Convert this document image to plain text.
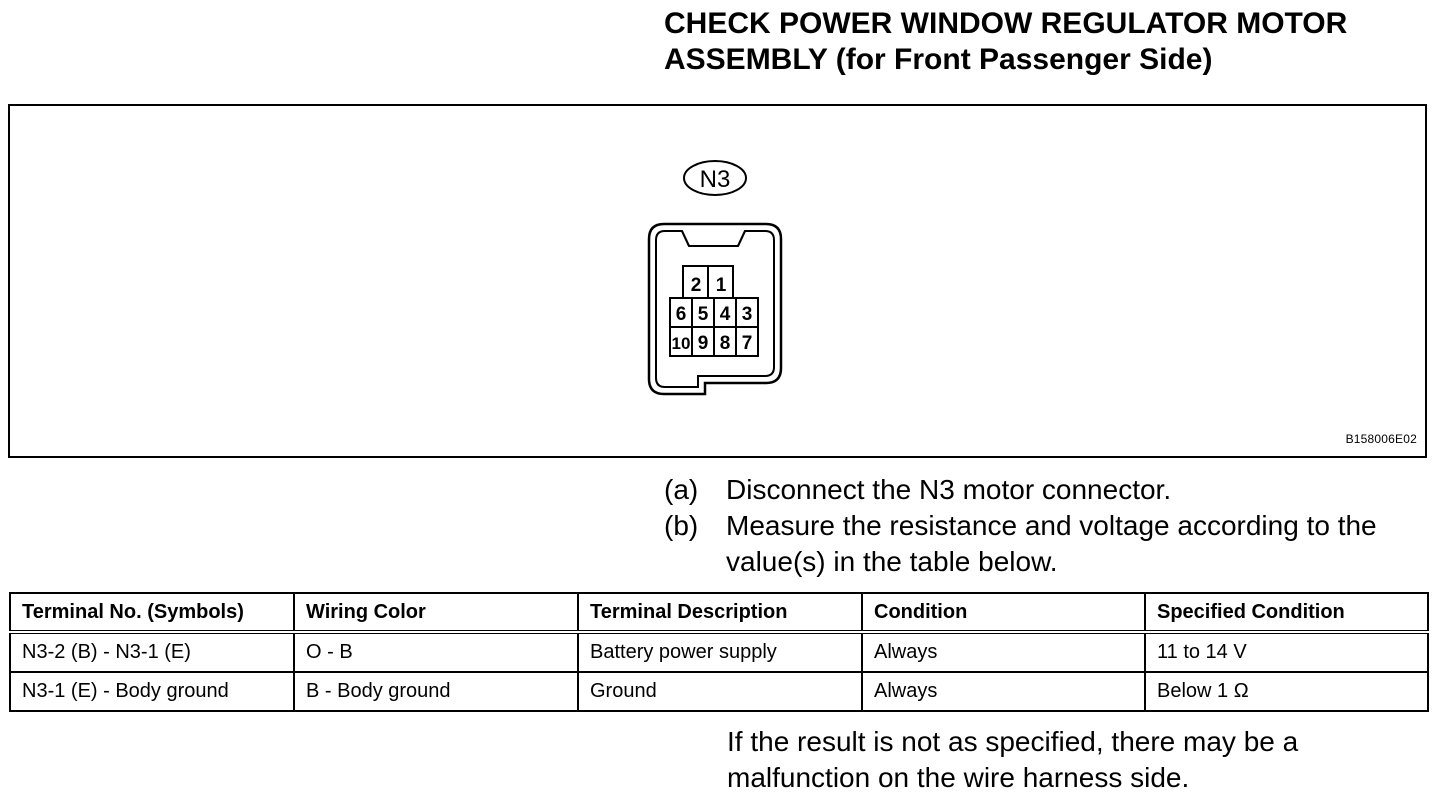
CHECK POWER WINDOW REGULATOR MOTOR
ASSEMBLY (for Front Passenger Side)
N3
2 1
6 5 4 3
10 9 8 7
B158006E02
(a) Disconnect the N3 motor connector.
(b) Measure the resistance and voltage according to the value(s) in the table below.
Terminal No. (Symbols)	Wiring Color	Terminal Description	Condition	Specified Condition
N3-2 (B) - N3-1 (E)	O - B	Battery power supply	Always	11 to 14 V
N3-1 (E) - Body ground	B - Body ground	Ground	Always	Below 1 Ω
If the result is not as specified, there may be a malfunction on the wire harness side.
